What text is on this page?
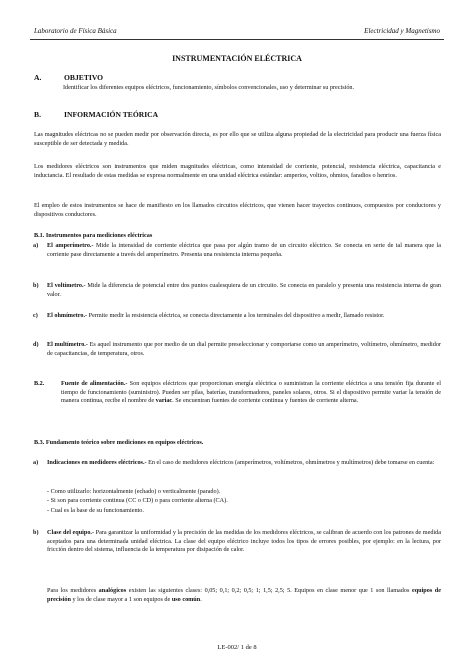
Laboratorio de Física Básica	Electricidad y Magnetismo
INSTRUMENTACIÓN ELÉCTRICA
A.	OBJETIVO
Identificar los diferentes equipos eléctricos, funcionamiento, símbolos convencionales, uso y determinar su precisión.
B.	INFORMACIÓN TEÓRICA
Las magnitudes eléctricas no se pueden medir por observación directa, es por ello que se utiliza alguna propiedad de la electricidad para producir una fuerza física susceptible de ser detectada y medida.
Los medidores eléctricos son instrumentos que miden magnitudes eléctricas, como intensidad de corriente, potencial, resistencia eléctrica, capacitancia e inductancia. El resultado de estas medidas se expresa normalmente en una unidad eléctrica estándar: amperios, voltios, ohmios, faradios o henrios.
El empleo de estos instrumentos se hace de manifiesto en los llamados circuitos eléctricos, que vienen hacer trayectos continuos, compuestos por conductores y dispositivos conductores.
B.1. Instrumentos para mediciones eléctricas
a) El amperímetro.- Mide la intensidad de corriente eléctrica que pasa por algún tramo de un circuito eléctrico. Se conecta en serie de tal manera que la corriente pase directamente a través del amperímetro. Presenta una resistencia interna pequeña.
b) El voltímetro.- Mide la diferencia de potencial entre dos puntos cualesquiera de un circuito. Se conecta en paralelo y presenta una resistencia interna de gran valor.
c) El ohmímetro.- Permite medir la resistencia eléctrica, se conecta directamente a los terminales del dispositivo a medir, llamado resistor.
d) El multímetro.- Es aquel instrumento que por medio de un dial permite preseleccionar y comportarse como un amperímetro, voltímetro, ohmímetro, medidor de capacitancias, de temperatura, otros.
B.2.	Fuente de alimentación.- Son equipos eléctricos que proporcionan energía eléctrica o suministran la corriente eléctrica a una tensión fija durante el tiempo de funcionamiento (suministro). Pueden ser pilas, baterías, transformadores, paneles solares, otros. Si el dispositivo permite variar la tensión de manera continua, recibe el nombre de variac. Se encuentran fuentes de corriente continua y fuentes de corriente alterna.
B.3. Fundamento teórico sobre mediciones en equipos eléctricos.
a) Indicaciones en medidores eléctricos.- En el caso de medidores eléctricos (amperímetros, voltímetros, ohmímetros y multímetros) debe tomarse en cuenta:
- Como utilizarlo: horizontalmente (echado) o verticalmente (parado).
- Si son para corriente continua (CC o CD) o para corriente alterna (CA).
- Cual es la base de su funcionamiento.
b) Clase del equipo.- Para garantizar la uniformidad y la precisión de las medidas de los medidores eléctricos, se calibran de acuerdo con los patrones de medida aceptados para una determinada unidad eléctrica. La clase del equipo eléctrico incluye todos los tipos de errores posibles, por ejemplo: en la lectura, por fricción dentro del sistema, influencia de la temperatura por disipación de calor.
Para los medidores analógicos existen las siguientes clases: 0,05; 0,1; 0,2; 0,5; 1; 1,5; 2,5; 5. Equipos en clase menor que 1 son llamados equipos de precisión y los de clase mayor a 1 son equipos de uso común.
LE-002/ 1 de 8
